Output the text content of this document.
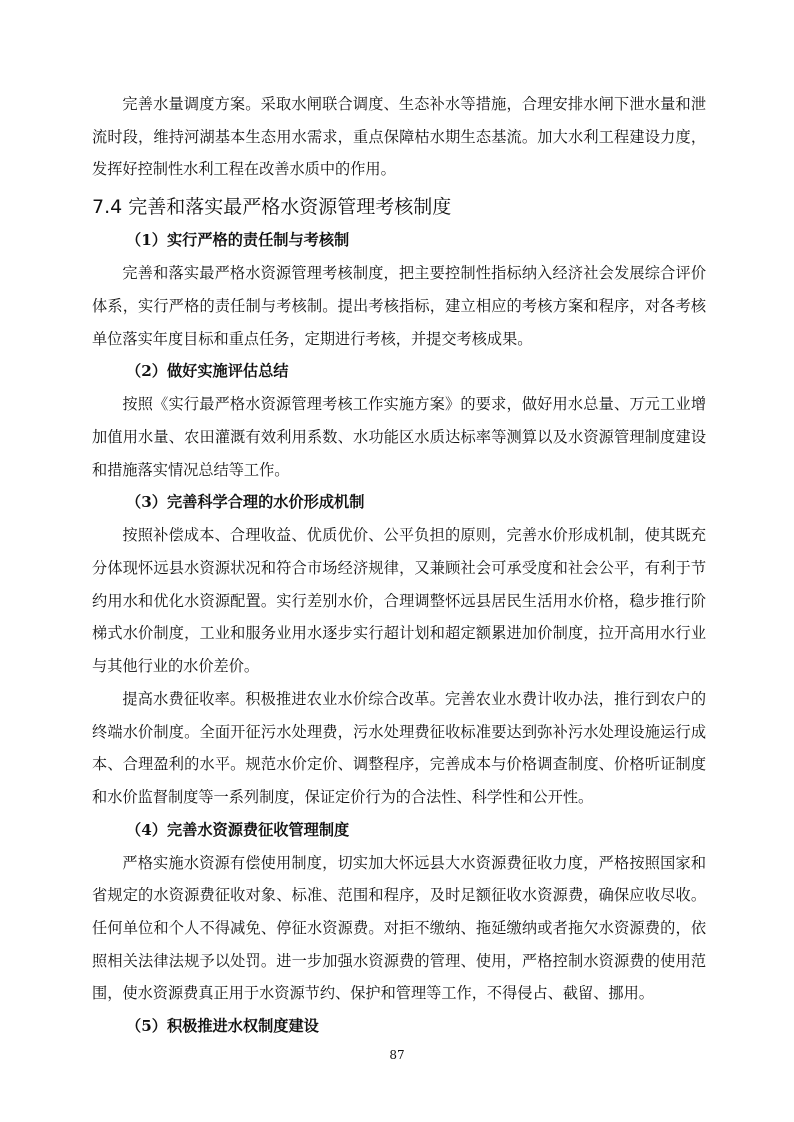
完善水量调度方案。采取水闸联合调度、生态补水等措施，合理安排水闸下泄水量和泄流时段，维持河湖基本生态用水需求，重点保障枯水期生态基流。加大水利工程建设力度，发挥好控制性水利工程在改善水质中的作用。

7.4 完善和落实最严格水资源管理考核制度
（1）实行严格的责任制与考核制

完善和落实最严格水资源管理考核制度，把主要控制性指标纳入经济社会发展综合评价体系，实行严格的责任制与考核制。提出考核指标，建立相应的考核方案和程序，对各考核单位落实年度目标和重点任务，定期进行考核，并提交考核成果。

（2）做好实施评估总结

按照《实行最严格水资源管理考核工作实施方案》的要求，做好用水总量、万元工业增加值用水量、农田灌溉有效利用系数、水功能区水质达标率等测算以及水资源管理制度建设和措施落实情况总结等工作。

（3）完善科学合理的水价形成机制

按照补偿成本、合理收益、优质优价、公平负担的原则，完善水价形成机制，使其既充分体现怀远县水资源状况和符合市场经济规律，又兼顾社会可承受度和社会公平，有利于节约用水和优化水资源配置。实行差别水价，合理调整怀远县居民生活用水价格，稳步推行阶梯式水价制度，工业和服务业用水逐步实行超计划和超定额累进加价制度，拉开高用水行业与其他行业的水价差价。

提高水费征收率。积极推进农业水价综合改革。完善农业水费计收办法，推行到农户的终端水价制度。全面开征污水处理费，污水处理费征收标准要达到弥补污水处理设施运行成本、合理盈利的水平。规范水价定价、调整程序，完善成本与价格调查制度、价格听证制度和水价监督制度等一系列制度，保证定价行为的合法性、科学性和公开性。

（4）完善水资源费征收管理制度

严格实施水资源有偿使用制度，切实加大怀远县大水资源费征收力度，严格按照国家和省规定的水资源费征收对象、标准、范围和程序，及时足额征收水资源费，确保应收尽收。任何单位和个人不得减免、停征水资源费。对拒不缴纳、拖延缴纳或者拖欠水资源费的，依照相关法律法规予以处罚。进一步加强水资源费的管理、使用，严格控制水资源费的使用范围，使水资源费真正用于水资源节约、保护和管理等工作，不得侵占、截留、挪用。

（5）积极推进水权制度建设
87
